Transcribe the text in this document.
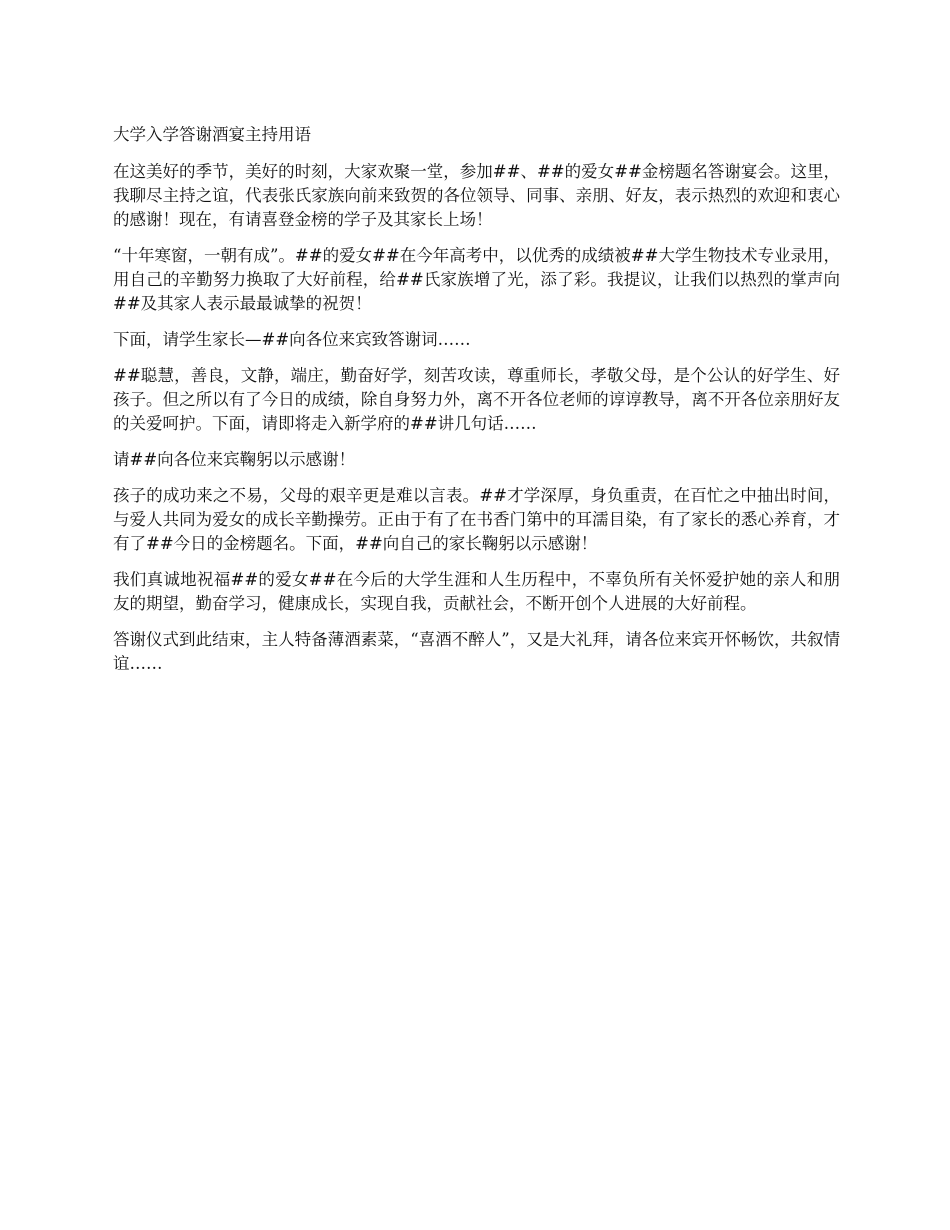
大学入学答谢酒宴主持用语

在这美好的季节，美好的时刻，大家欢聚一堂，参加##、##的爱女##金榜题名答谢宴会。这里，我聊尽主持之谊，代表张氏家族向前来致贺的各位领导、同事、亲朋、好友，表示热烈的欢迎和衷心的感谢！现在，有请喜登金榜的学子及其家长上场！

“十年寒窗，一朝有成”。##的爱女##在今年高考中，以优秀的成绩被##大学生物技术专业录用，用自己的辛勤努力换取了大好前程，给##氏家族增了光，添了彩。我提议，让我们以热烈的掌声向##及其家人表示最最诚挚的祝贺！

下面，请学生家长—##向各位来宾致答谢词……

##聪慧，善良，文静，端庄，勤奋好学，刻苦攻读，尊重师长，孝敬父母，是个公认的好学生、好孩子。但之所以有了今日的成绩，除自身努力外，离不开各位老师的谆谆教导，离不开各位亲朋好友的关爱呵护。下面，请即将走入新学府的##讲几句话……

请##向各位来宾鞠躬以示感谢！

孩子的成功来之不易，父母的艰辛更是难以言表。##才学深厚，身负重责，在百忙之中抽出时间，与爱人共同为爱女的成长辛勤操劳。正由于有了在书香门第中的耳濡目染，有了家长的悉心养育，才有了##今日的金榜题名。下面，##向自己的家长鞠躬以示感谢！

我们真诚地祝福##的爱女##在今后的大学生涯和人生历程中，不辜负所有关怀爱护她的亲人和朋友的期望，勤奋学习，健康成长，实现自我，贡献社会，不断开创个人进展的大好前程。

答谢仪式到此结束，主人特备薄酒素菜，“喜酒不醉人”，又是大礼拜，请各位来宾开怀畅饮，共叙情谊……
